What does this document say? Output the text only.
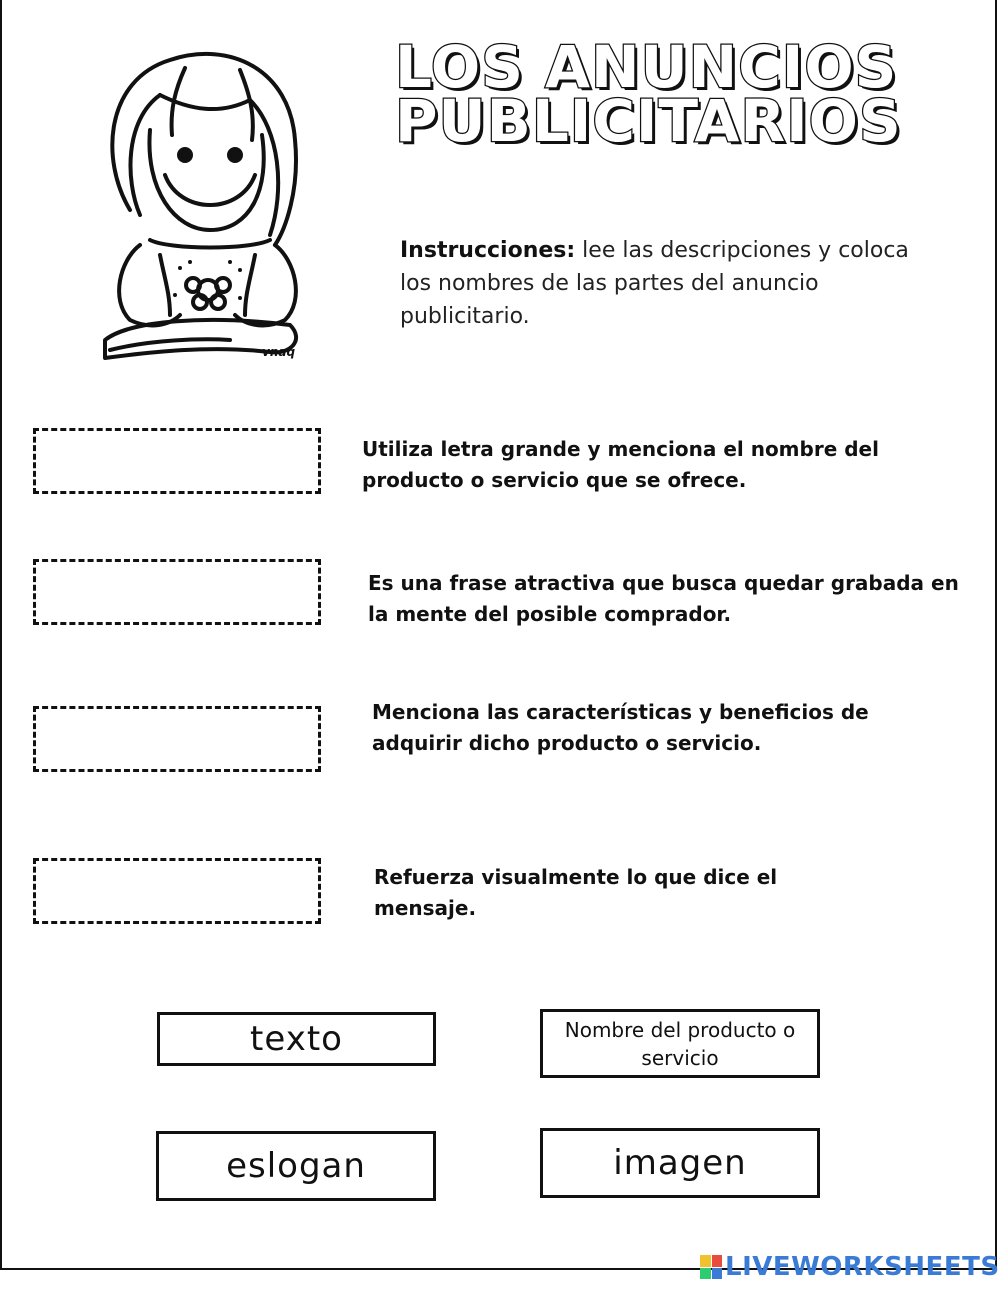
vnaq
LOS ANUNCIOS
PUBLICITARIOS
Instrucciones: lee las descripciones y coloca los nombres de las partes del anuncio publicitario.
Utiliza letra grande y menciona el nombre del producto o servicio que se ofrece.
Es una frase atractiva que busca quedar grabada en la mente del posible comprador.
Menciona las características y beneficios de adquirir dicho producto o servicio.
Refuerza visualmente lo que dice el mensaje.
texto	Nombre del producto o servicio
eslogan	imagen
LIVEWORKSHEETS
